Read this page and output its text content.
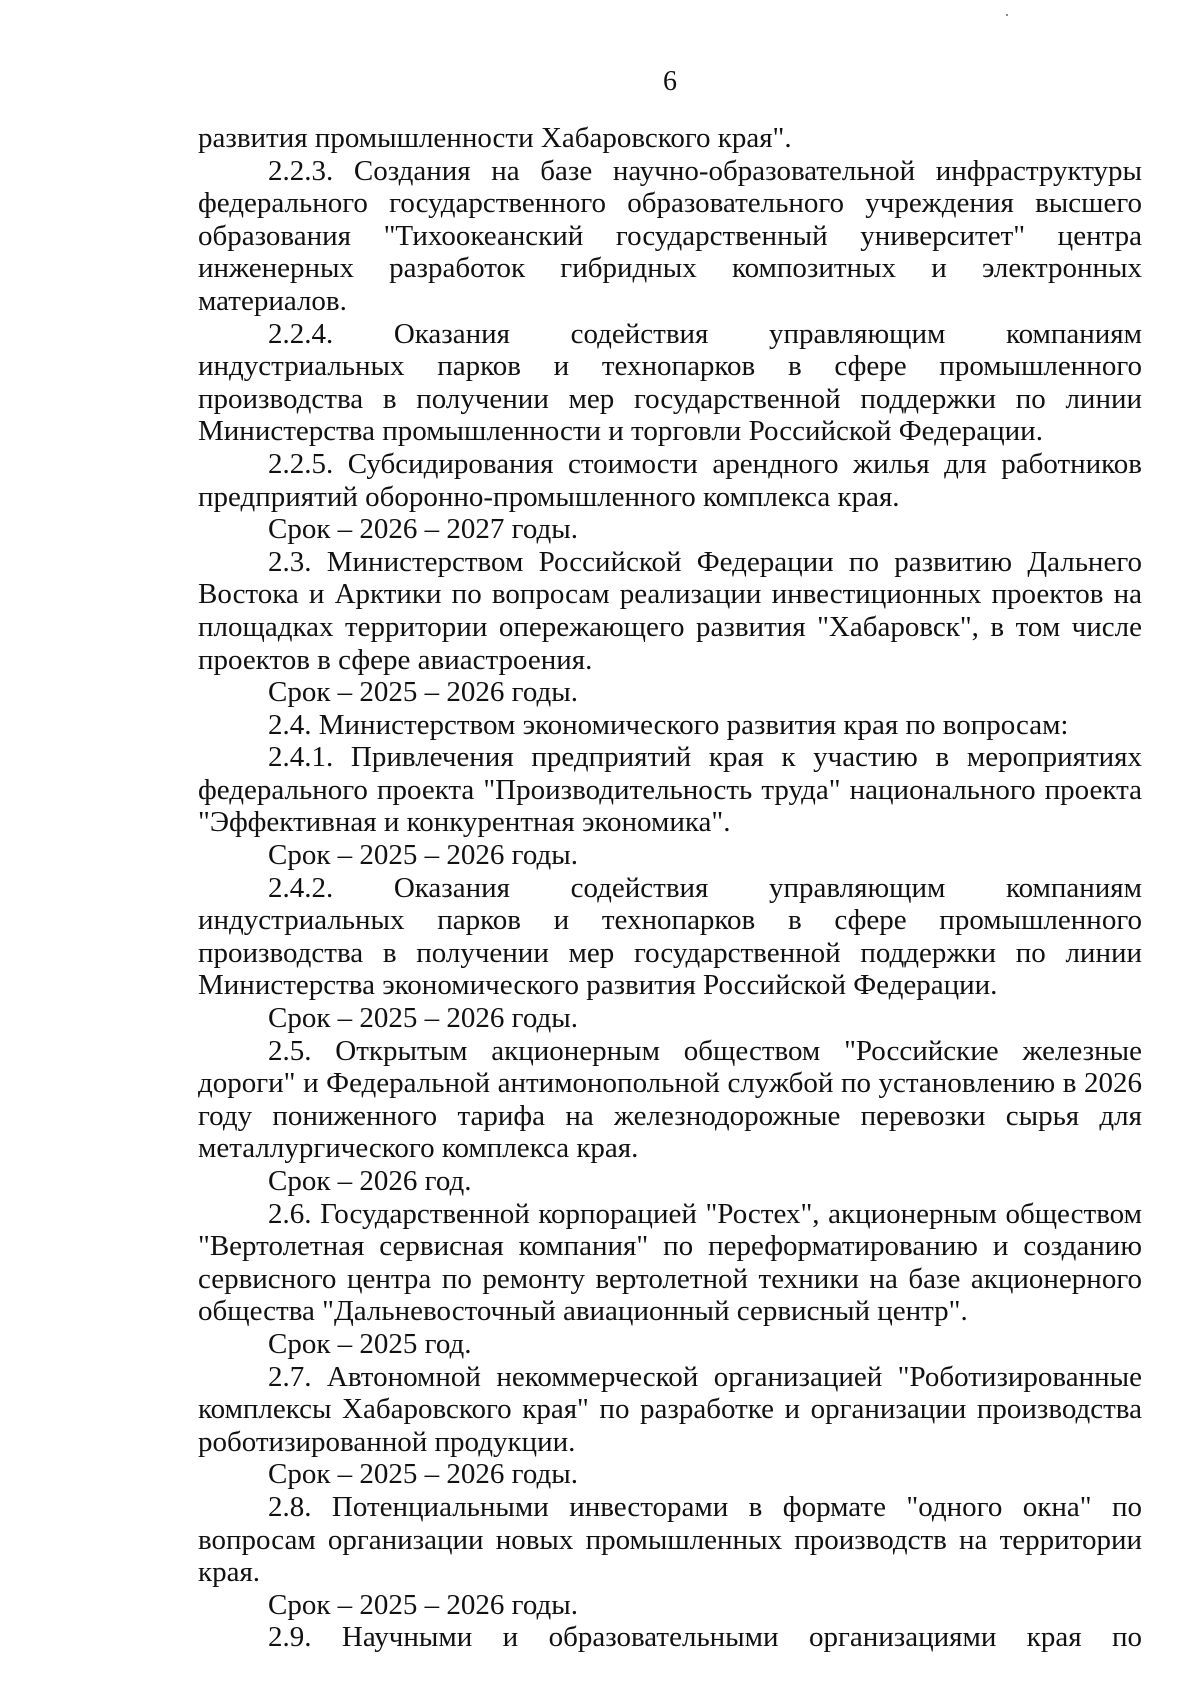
6

развития промышленности Хабаровского края".

2.2.3. Создания на базе научно-образовательной инфраструктуры федерального государственного образовательного учреждения высшего образования "Тихоокеанский государственный университет" центра инженерных разработок гибридных композитных и электронных материалов.

2.2.4. Оказания содействия управляющим компаниям индустриальных парков и технопарков в сфере промышленного производства в получении мер государственной поддержки по линии Министерства промышленности и торговли Российской Федерации.

2.2.5. Субсидирования стоимости арендного жилья для работников предприятий оборонно-промышленного комплекса края.

Срок – 2026 – 2027 годы.

2.3. Министерством Российской Федерации по развитию Дальнего Востока и Арктики по вопросам реализации инвестиционных проектов на площадках территории опережающего развития "Хабаровск", в том числе проектов в сфере авиастроения.

Срок – 2025 – 2026 годы.

2.4. Министерством экономического развития края по вопросам:

2.4.1. Привлечения предприятий края к участию в мероприятиях федерального проекта "Производительность труда" национального проекта "Эффективная и конкурентная экономика".

Срок – 2025 – 2026 годы.

2.4.2. Оказания содействия управляющим компаниям индустриальных парков и технопарков в сфере промышленного производства в получении мер государственной поддержки по линии Министерства экономического развития Российской Федерации.

Срок – 2025 – 2026 годы.

2.5. Открытым акционерным обществом "Российские железные дороги" и Федеральной антимонопольной службой по установлению в 2026 году пониженного тарифа на железнодорожные перевозки сырья для металлургического комплекса края.

Срок – 2026 год.

2.6. Государственной корпорацией "Ростех", акционерным обществом "Вертолетная сервисная компания" по переформатированию и созданию сервисного центра по ремонту вертолетной техники на базе акционерного общества "Дальневосточный авиационный сервисный центр".

Срок – 2025 год.

2.7. Автономной некоммерческой организацией "Роботизированные комплексы Хабаровского края" по разработке и организации производства роботизированной продукции.

Срок – 2025 – 2026 годы.

2.8. Потенциальными инвесторами в формате "одного окна" по вопросам организации новых промышленных производств на территории края.

Срок – 2025 – 2026 годы.

2.9. Научными и образовательными организациями края по
